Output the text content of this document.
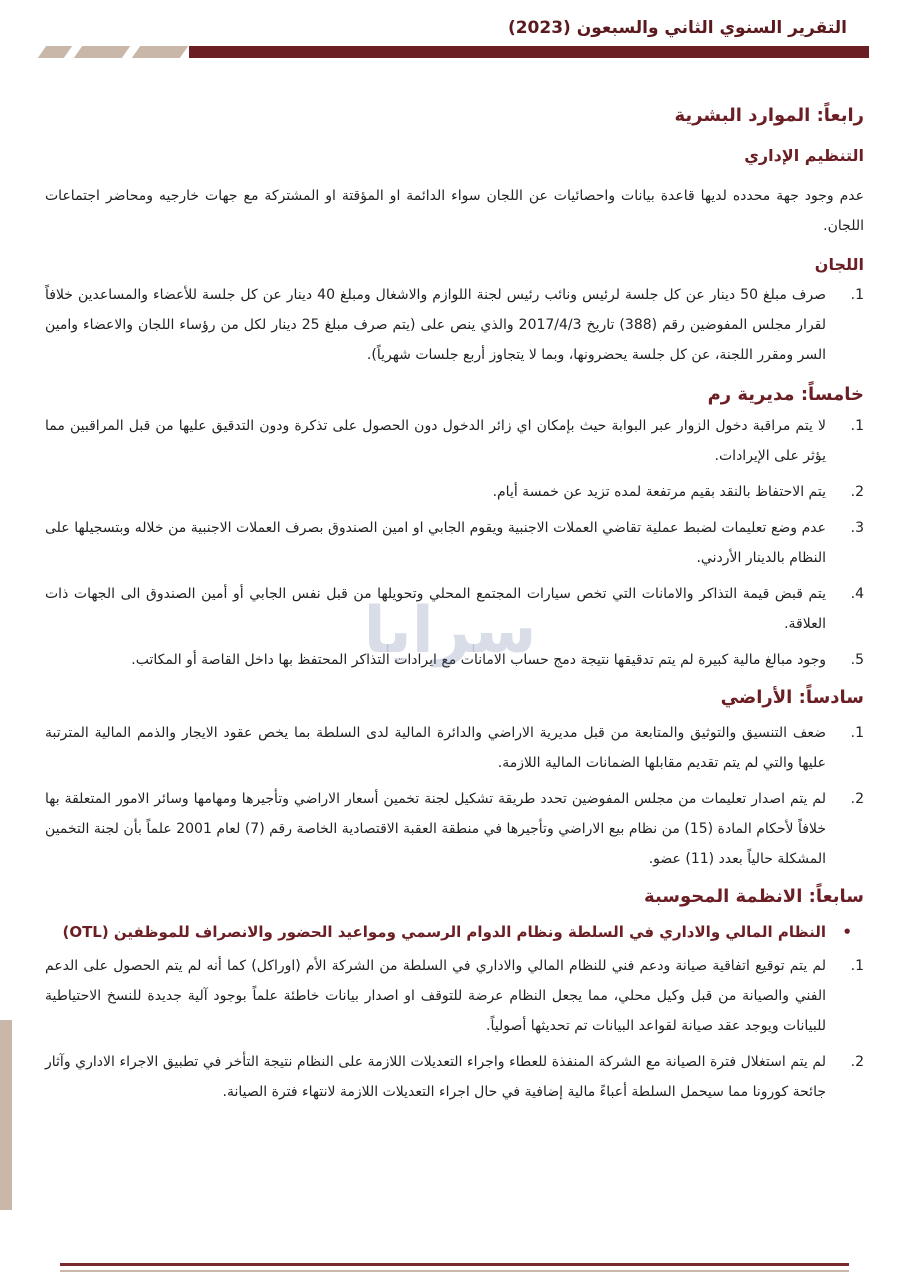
التقرير السنوي الثاني والسبعون (2023)
رابعاً: الموارد البشرية
التنظيم الإداري

عدم وجود جهة محدده لديها قاعدة بيانات واحصائيات عن اللجان سواء الدائمة او المؤقتة او المشتركة مع جهات خارجيه ومحاضر اجتماعات اللجان.

اللجان
1.
صرف مبلغ 50 دينار عن كل جلسة لرئيس ونائب رئيس لجنة اللوازم والاشغال ومبلغ 40 دينار عن كل جلسة للأعضاء والمساعدين خلافاً لقرار مجلس المفوضين رقم (388) تاريخ 2017/4/3 والذي ينص على (يتم صرف مبلغ 25 دينار لكل من رؤساء اللجان والاعضاء وامين السر ومقرر اللجنة، عن كل جلسة يحضرونها، وبما لا يتجاوز أربع جلسات شهرياً).
خامساً: مديرية رم
1.
لا يتم مراقبة دخول الزوار عبر البوابة حيث بإمكان اي زائر الدخول دون الحصول على تذكرة ودون التدقيق عليها من قبل المراقبين مما يؤثر على الإيرادات.
2.
يتم الاحتفاظ بالنقد بقيم مرتفعة لمده تزيد عن خمسة أيام.
3.
عدم وضع تعليمات لضبط عملية تقاضي العملات الاجنبية ويقوم الجابي او امين الصندوق بصرف العملات الاجنبية من خلاله وبتسجيلها على النظام بالدينار الأردني.
4.
يتم قبض قيمة التذاكر والامانات التي تخص سيارات المجتمع المحلي وتحويلها من قبل نفس الجابي أو أمين الصندوق الى الجهات ذات العلاقة.
5.
وجود مبالغ مالية كبيرة لم يتم تدقيقها نتيجة دمج حساب الامانات مع ايرادات التذاكر المحتفظ بها داخل القاصة أو المكاتب.
سادساً: الأراضي
1.
ضعف التنسيق والتوثيق والمتابعة من قبل مديرية الاراضي والدائرة المالية لدى السلطة بما يخص عقود الايجار والذمم المالية المترتبة عليها والتي لم يتم تقديم مقابلها الضمانات المالية اللازمة.
2.
لم يتم اصدار تعليمات من مجلس المفوضين تحدد طريقة تشكيل لجنة تخمين أسعار الاراضي وتأجيرها ومهامها وسائر الامور المتعلقة بها خلافاً لأحكام المادة (15) من نظام بيع الاراضي وتأجيرها في منطقة العقبة الاقتصادية الخاصة رقم (7) لعام 2001 علماً بأن لجنة التخمين المشكلة حالياً بعدد (11) عضو.
سابعاً: الانظمة المحوسبة
•
النظام المالي والاداري في السلطة ونظام الدوام الرسمي ومواعيد الحضور والانصراف للموظفين (OTL)
1.
لم يتم توقيع اتفاقية صيانة ودعم فني للنظام المالي والاداري في السلطة من الشركة الأم (اوراكل) كما أنه لم يتم الحصول على الدعم الفني والصيانة من قبل وكيل محلي، مما يجعل النظام عرضة للتوقف او اصدار بيانات خاطئة علماً بوجود آلية جديدة للنسخ الاحتياطية للبيانات ويوجد عقد صيانة لقواعد البيانات تم تحديثها أصولياً.
2.
لم يتم استغلال فترة الصيانة مع الشركة المنفذة للعطاء واجراء التعديلات اللازمة على النظام نتيجة التأخر في تطبيق الاجراء الاداري وآثار جائحة كورونا مما سيحمل السلطة أعباءً مالية إضافية في حال اجراء التعديلات اللازمة لانتهاء فترة الصيانة.
سرايا
